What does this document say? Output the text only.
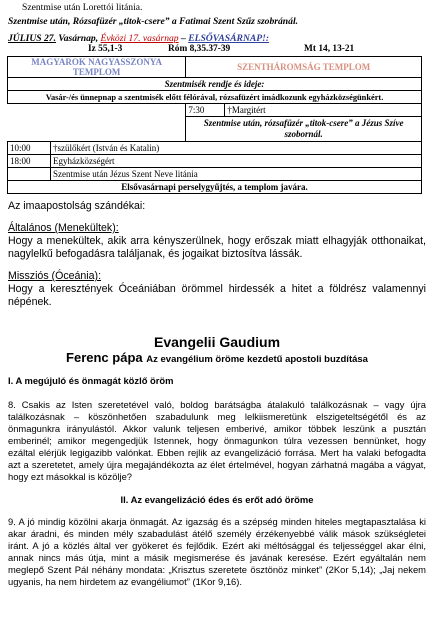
Szentmise után Lorettói litánia.
Szentmise után, Rózsafüzér „titok-csere” a Fatimai Szent Szűz szobránál.
JÚLIUS 27. Vasárnap, Évközi 17. vasárnap – ELSŐVASÁRNAP!:
Iz 55,1-3	Róm 8,35.37-39	Mt 14, 13-21
MAGYAROK NAGYASSZONYA TEMPLOM		SZENTHÁROMSÁG TEMPLOM	
Szentmisék rendje és ideje:			
Vasár-/és ünnepnap a szentmisék előtt félórával, rózsafüzért imádkozunk egyházközségünkért.			
		7:30	†Margitért
		Szentmise után, rózsafüzér „titok-csere” a Jézus Szíve szobornál.	
10:00	†szülőkért (István és Katalin)		
18:00	Egyházközségért		
	Szentmise után Jézus Szent Neve litánia		
Elsővasárnapi perselygyűjtés, a templom javára.			
Az imaapostolság szándékai:
Általános (Menekültek):
Hogy a menekültek, akik arra kényszerülnek, hogy erőszak miatt elhagyják otthonaikat, nagylelkű befogadásra találjanak, és jogaikat biztosítva lássák.
Missziós (Óceánia):
Hogy a keresztények Óceániában örömmel hirdessék a hitet a földrész valamennyi népének.
Evangelii Gaudium
Ferenc pápa Az evangélium öröme kezdetű apostoli buzdítása
I. A megújuló és önmagát közlő öröm
8. Csakis az Isten szeretetével való, boldog barátságba átalakuló találkozásnak – vagy újra találkozásnak – köszönhetően szabadulunk meg lelkiismeretünk elszigeteltségétől és az önmagunkra irányulástól. Akkor valunk teljesen emberivé, amikor többek leszünk a pusztán emberinél; amikor megengedjük Istennek, hogy önmagunkon túlra vezessen bennünket, hogy ezáltal elérjük legigazibb valónkat. Ebben rejlik az evangelizáció forrása. Mert ha valaki befogadta azt a szeretetet, amely újra megajándékozta az élet értelmével, hogyan zárhatná magába a vágyat, hogy ezt másokkal is közölje?
II. Az evangelizáció édes és erőt adó öröme
9. A jó mindig közölni akarja önmagát. Az igazság és a szépség minden hiteles megtapasztalása ki akar áradni, és minden mély szabadulást átélő személy érzékenyebbé válik mások szükségletei iránt. A jó a közlés által ver gyökeret és fejlődik. Ezért aki méltósággal és teljességgel akar élni, annak nincs más útja, mint a másik megismerése és javának keresése. Ezért egyáltalán nem meglepő Szent Pál néhány mondata: „Krisztus szeretete ösztönöz minket” (2Kor 5,14); „Jaj nekem ugyanis, ha nem hirdetem az evangéliumot” (1Kor 9,16).
